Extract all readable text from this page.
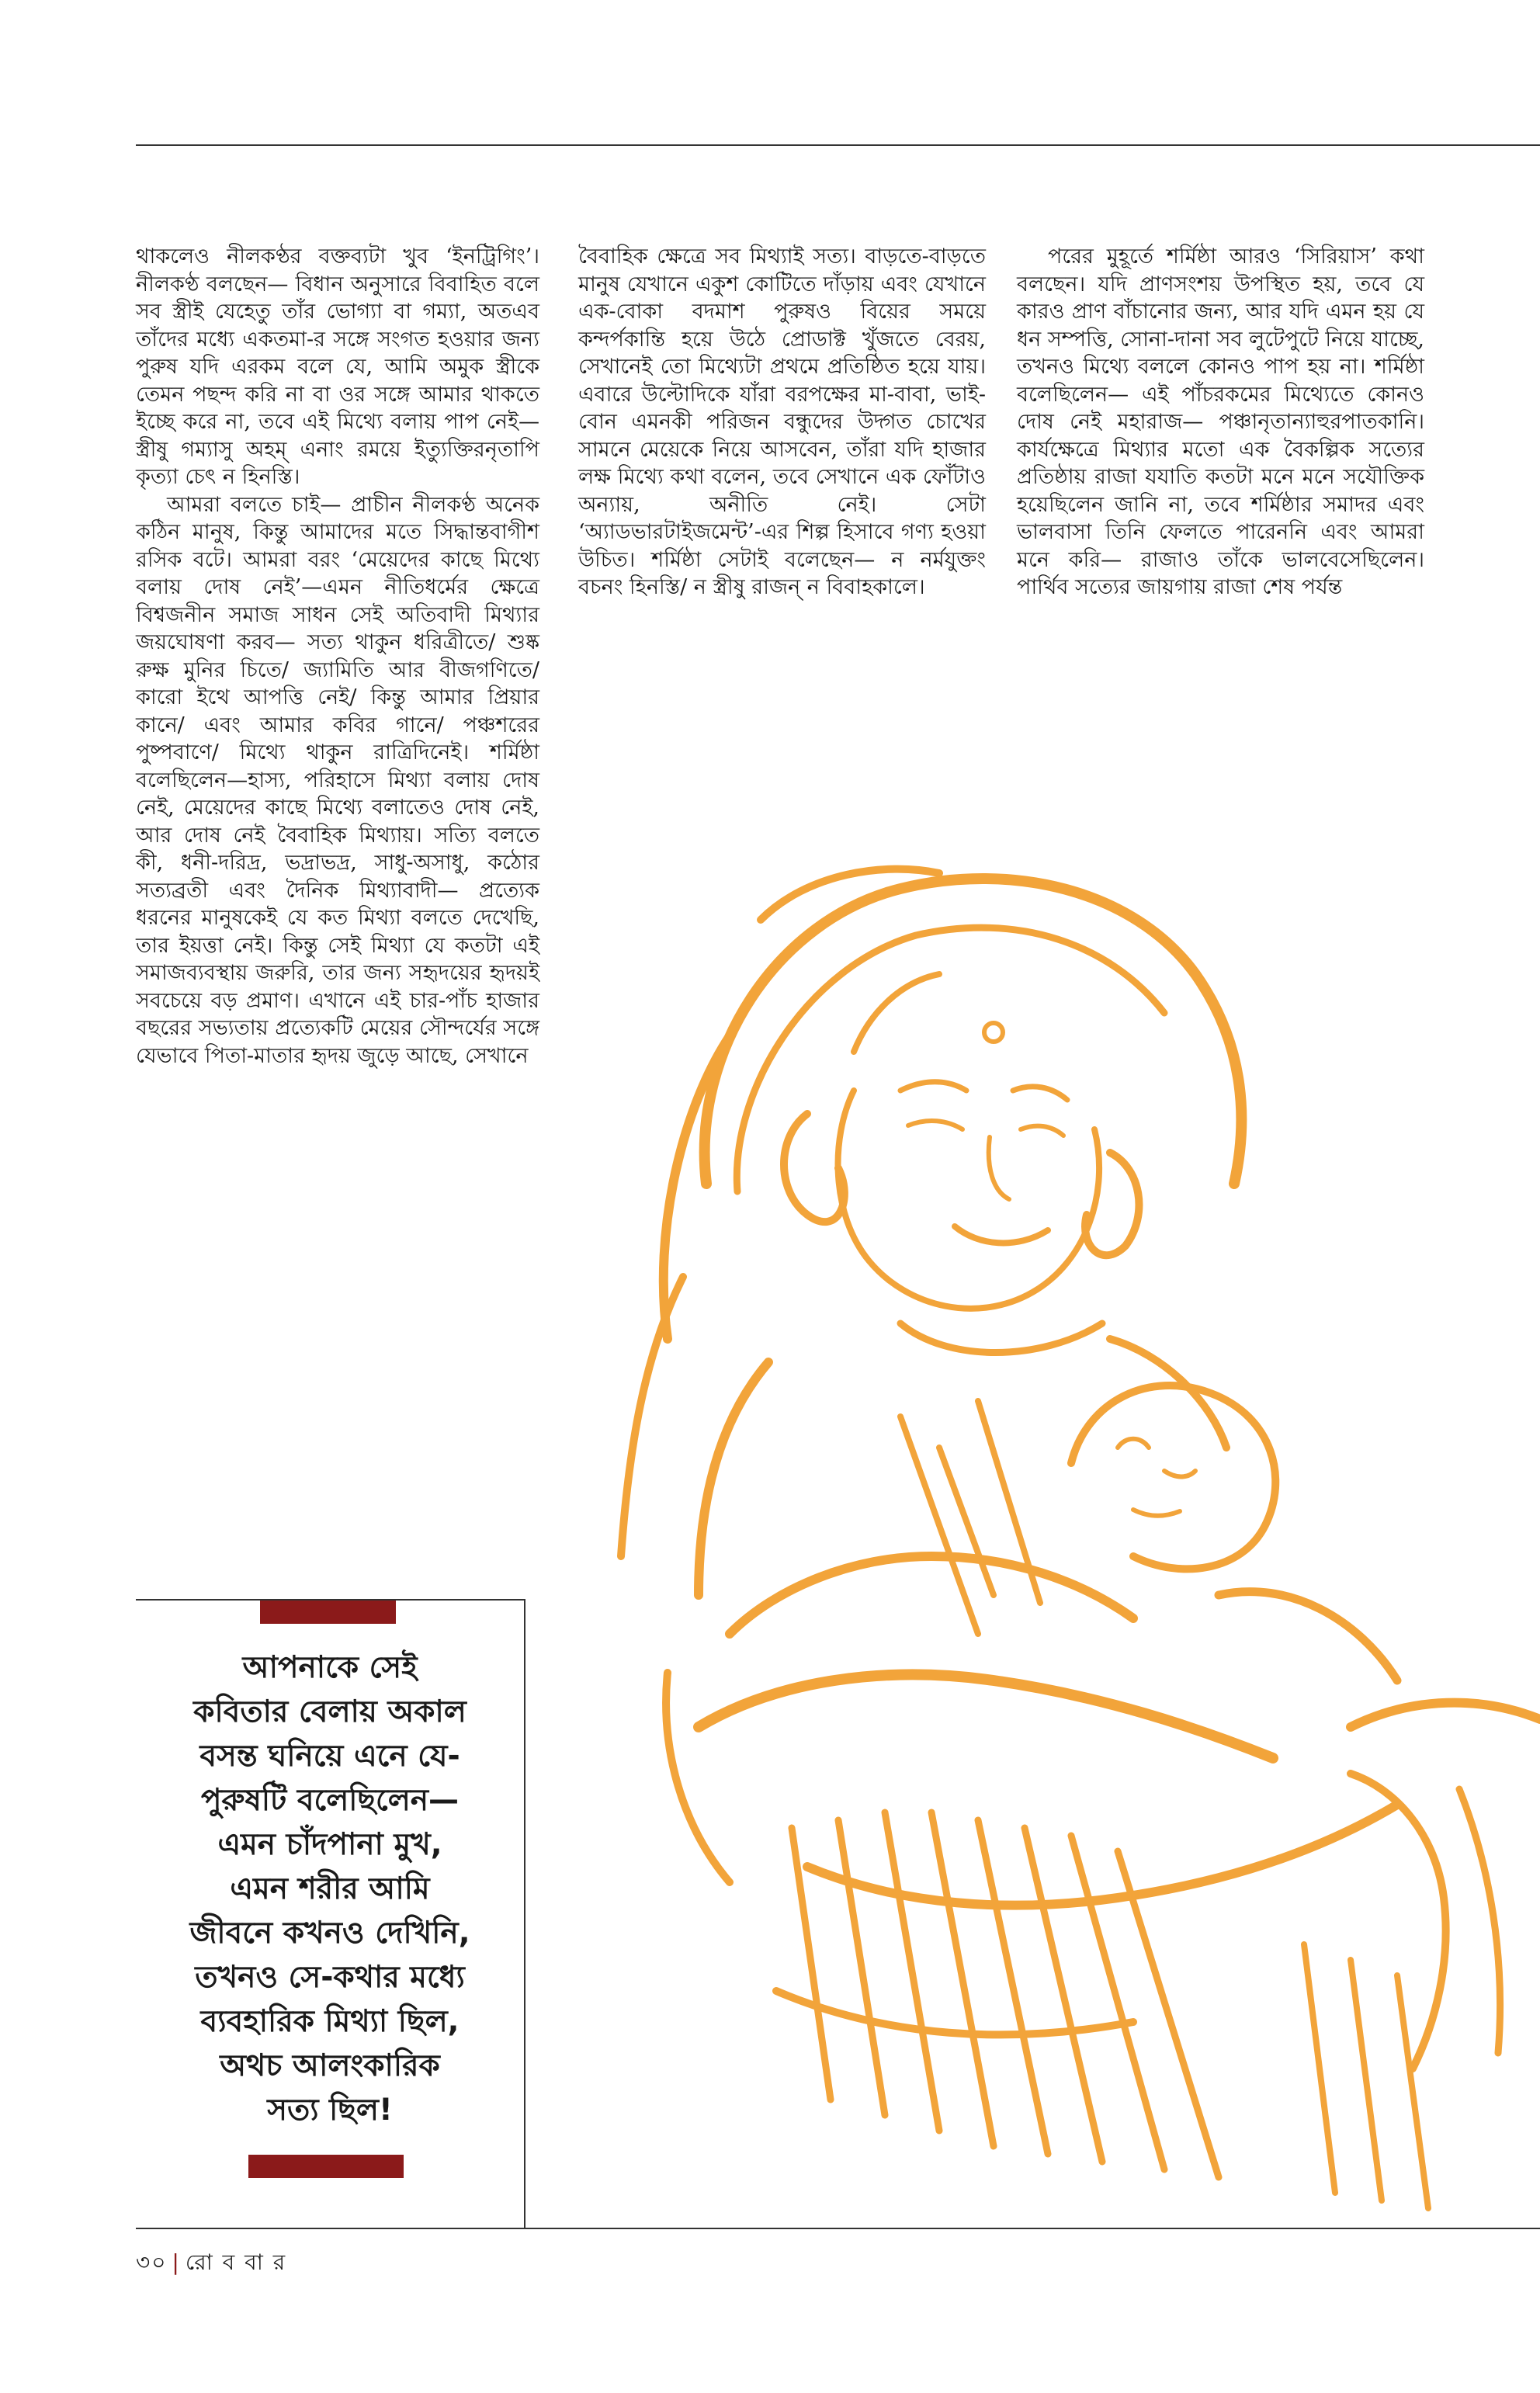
থাকলেও নীলকণ্ঠর বক্তব্যটা খুব ‘ইনট্রিগিং’। নীলকণ্ঠ বলছেন— বিধান অনুসারে বিবাহিত বলে সব স্ত্রীই যেহেতু তাঁর ভোগ্যা বা গম্যা, অতএব তাঁদের মধ্যে একতমা-র সঙ্গে সংগত হওয়ার জন্য পুরুষ যদি এরকম বলে যে, আমি অমুক স্ত্রীকে তেমন পছন্দ করি না বা ওর সঙ্গে আমার থাকতে ইচ্ছে করে না, তবে এই মিথ্যে বলায় পাপ নেই— স্ত্রীষু গম্যাসু অহম্ এনাং রময়ে ইত্যুক্তিরনৃতাপি কৃত্যা চেৎ ন হিনস্তি।

আমরা বলতে চাই— প্রাচীন নীলকণ্ঠ অনেক কঠিন মানুষ, কিন্তু আমাদের মতে সিদ্ধান্তবাগীশ রসিক বটে। আমরা বরং ‘মেয়েদের কাছে মিথ্যে বলায় দোষ নেই’—এমন নীতিধর্মের ক্ষেত্রে বিশ্বজনীন সমাজ সাধন সেই অতিবাদী মিথ্যার জয়ঘোষণা করব— সত্য থাকুন ধরিত্রীতে/ শুষ্ক রুক্ষ মুনির চিতে/ জ্যামিতি আর বীজগণিতে/ কারো ইথে আপত্তি নেই/ কিন্তু আমার প্রিয়ার কানে/ এবং আমার কবির গানে/ পঞ্চশরের পুষ্পবাণে/ মিথ্যে থাকুন রাত্রিদিনেই। শর্মিষ্ঠা বলেছিলেন—হাস্য, পরিহাসে মিথ্যা বলায় দোষ নেই, মেয়েদের কাছে মিথ্যে বলাতেও দোষ নেই, আর দোষ নেই বৈবাহিক মিথ্যায়। সত্যি বলতে কী, ধনী-দরিদ্র, ভদ্রাভদ্র, সাধু-অসাধু, কঠোর সত্যব্রতী এবং দৈনিক মিথ্যাবাদী— প্রত্যেক ধরনের মানুষকেই যে কত মিথ্যা বলতে দেখেছি, তার ইয়ত্তা নেই। কিন্তু সেই মিথ্যা যে কতটা এই সমাজব্যবস্থায় জরুরি, তার জন্য সহৃদয়ের হৃদয়ই সবচেয়ে বড় প্রমাণ। এখানে এই চার-পাঁচ হাজার বছরের সভ্যতায় প্রত্যেকটি মেয়ের সৌন্দর্যের সঙ্গে যেভাবে পিতা-মাতার হৃদয় জুড়ে আছে, সেখানে

বৈবাহিক ক্ষেত্রে সব মিথ্যাই সত্য। বাড়তে-বাড়তে মানুষ যেখানে একুশ কোটিতে দাঁড়ায় এবং যেখানে এক-বোকা বদমাশ পুরুষও বিয়ের সময়ে কন্দর্পকান্তি হয়ে উঠে প্রোডাক্ট খুঁজতে বেরয়, সেখানেই তো মিথ্যেটা প্রথমে প্রতিষ্ঠিত হয়ে যায়। এবারে উল্টোদিকে যাঁরা বরপক্ষের মা-বাবা, ভাই-বোন এমনকী পরিজন বন্ধুদের উদ্গত চোখের সামনে মেয়েকে নিয়ে আসবেন, তাঁরা যদি হাজার লক্ষ মিথ্যে কথা বলেন, তবে সেখানে এক ফোঁটাও অন্যায়, অনীতি নেই। সেটা ‘অ্যাডভারটাইজমেন্ট’-এর শিল্প হিসাবে গণ্য হওয়া উচিত। শর্মিষ্ঠা সেটাই বলেছেন— ন নর্মযুক্তং বচনং হিনস্তি/ ন স্ত্রীষু রাজন্ ন বিবাহকালে।

পরের মুহূর্তে শর্মিষ্ঠা আরও ‘সিরিয়াস’ কথা বলছেন। যদি প্রাণসংশয় উপস্থিত হয়, তবে যে কারও প্রাণ বাঁচানোর জন্য, আর যদি এমন হয় যে ধন সম্পত্তি, সোনা-দানা সব লুটেপুটে নিয়ে যাচ্ছে, তখনও মিথ্যে বললে কোনও পাপ হয় না। শর্মিষ্ঠা বলেছিলেন— এই পাঁচরকমের মিথ্যেতে কোনও দোষ নেই মহারাজ— পঞ্চানৃতান্যাহুরপাতকানি। কার্যক্ষেত্রে মিথ্যার মতো এক বৈকল্পিক সত্যের প্রতিষ্ঠায় রাজা যযাতি কতটা মনে মনে সযৌক্তিক হয়েছিলেন জানি না, তবে শর্মিষ্ঠার সমাদর এবং ভালবাসা তিনি ফেলতে পারেননি এবং আমরা মনে করি— রাজাও তাঁকে ভালবেসেছিলেন। পার্থিব সত্যের জায়গায় রাজা শেষ পর্যন্ত

আপনাকে সেই
কবিতার বেলায় অকাল
বসন্ত ঘনিয়ে এনে যে-
পুরুষটি বলেছিলেন—
এমন চাঁদপানা মুখ,
এমন শরীর আমি
জীবনে কখনও দেখিনি,
তখনও সে-কথার মধ্যে
ব্যবহারিক মিথ্যা ছিল,
অথচ আলংকারিক
সত্য ছিল!
৩০ | রো ব বা র
